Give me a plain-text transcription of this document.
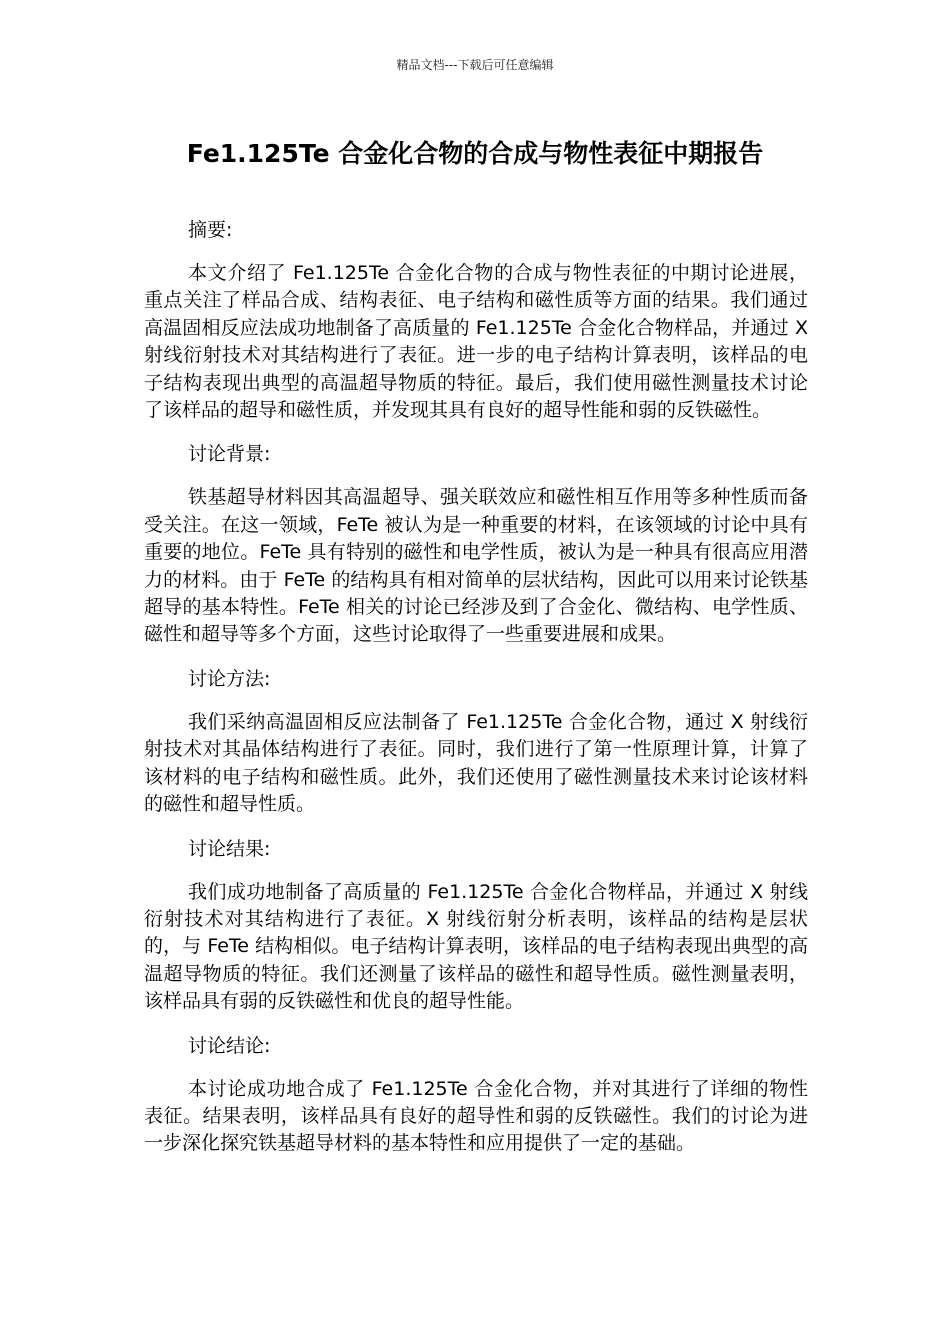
精品文档---下载后可任意编辑
Fe1.125Te 合金化合物的合成与物性表征中期报告

摘要:

本文介绍了 Fe1.125Te 合金化合物的合成与物性表征的中期讨论进展，重点关注了样品合成、结构表征、电子结构和磁性质等方面的结果。我们通过高温固相反应法成功地制备了高质量的 Fe1.125Te 合金化合物样品，并通过 X 射线衍射技术对其结构进行了表征。进一步的电子结构计算表明，该样品的电子结构表现出典型的高温超导物质的特征。最后，我们使用磁性测量技术讨论了该样品的超导和磁性质，并发现其具有良好的超导性能和弱的反铁磁性。

讨论背景:

铁基超导材料因其高温超导、强关联效应和磁性相互作用等多种性质而备受关注。在这一领域，FeTe 被认为是一种重要的材料，在该领域的讨论中具有重要的地位。FeTe 具有特别的磁性和电学性质，被认为是一种具有很高应用潜力的材料。由于 FeTe 的结构具有相对简单的层状结构，因此可以用来讨论铁基超导的基本特性。FeTe 相关的讨论已经涉及到了合金化、微结构、电学性质、磁性和超导等多个方面，这些讨论取得了一些重要进展和成果。

讨论方法:

我们采纳高温固相反应法制备了 Fe1.125Te 合金化合物，通过 X 射线衍射技术对其晶体结构进行了表征。同时，我们进行了第一性原理计算，计算了该材料的电子结构和磁性质。此外，我们还使用了磁性测量技术来讨论该材料的磁性和超导性质。

讨论结果:

我们成功地制备了高质量的 Fe1.125Te 合金化合物样品，并通过 X 射线衍射技术对其结构进行了表征。X 射线衍射分析表明，该样品的结构是层状的，与 FeTe 结构相似。电子结构计算表明，该样品的电子结构表现出典型的高温超导物质的特征。我们还测量了该样品的磁性和超导性质。磁性测量表明，该样品具有弱的反铁磁性和优良的超导性能。

讨论结论:

本讨论成功地合成了 Fe1.125Te 合金化合物，并对其进行了详细的物性表征。结果表明，该样品具有良好的超导性和弱的反铁磁性。我们的讨论为进一步深化探究铁基超导材料的基本特性和应用提供了一定的基础。
